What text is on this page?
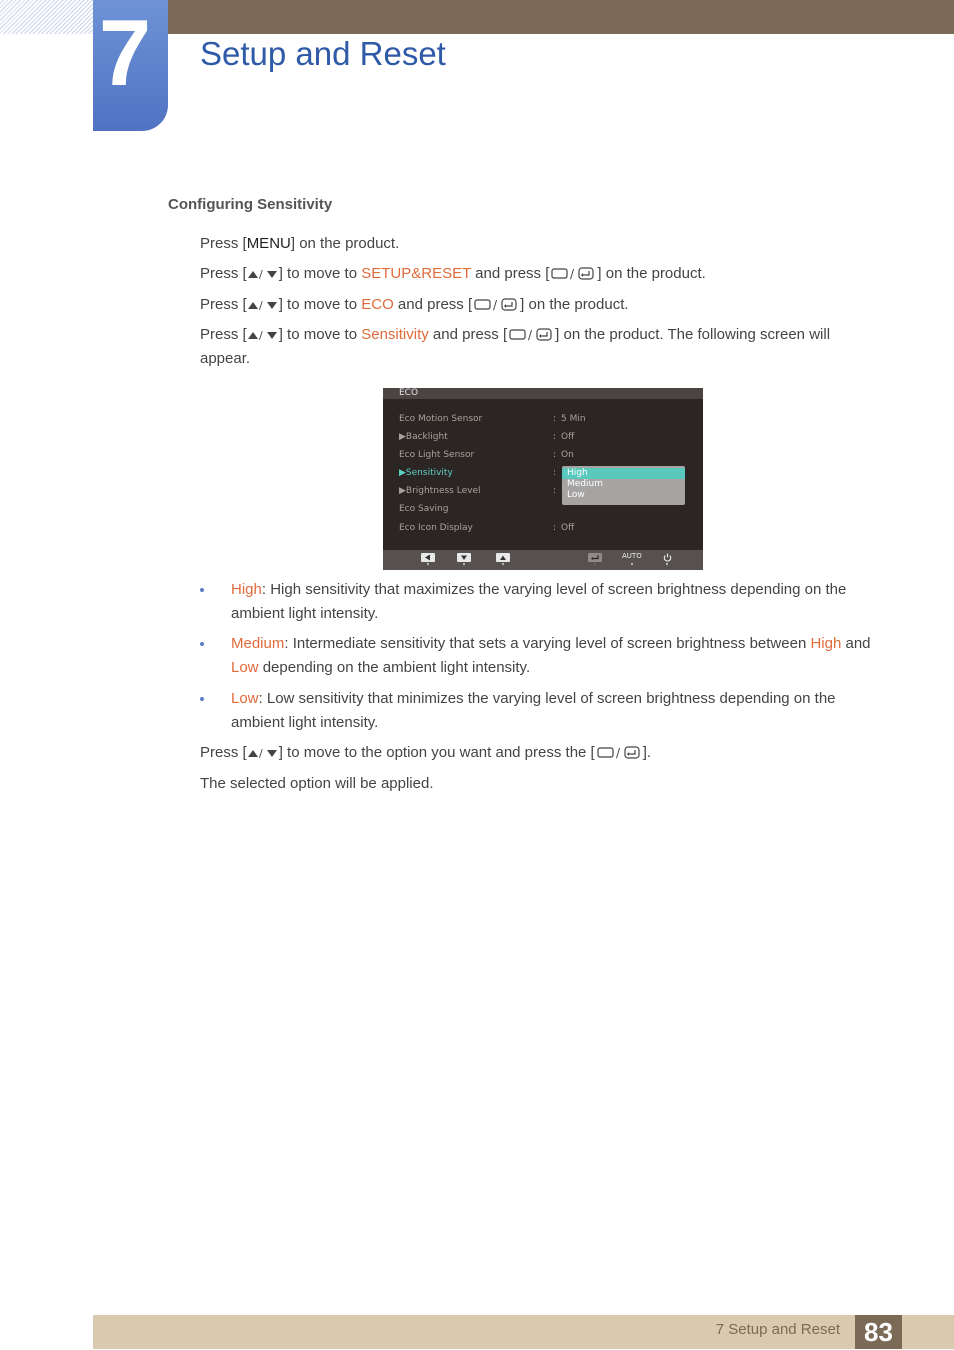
7 Setup and Reset
Configuring Sensitivity
Press [MENU] on the product.
Press [ / ] to move to SETUP&RESET and press [ / ] on the product.
Press [ / ] to move to ECO and press [ / ] on the product.
Press [ / ] to move to Sensitivity and press [ / ] on the product. The following screen will appear.
ECO
Eco Motion Sensor	: 5 Min
▶Backlight	: Off
Eco Light Sensor	: On
▶Sensitivity	:
▶Brightness Level	:
Eco Saving
Eco Icon Display	: Off
High
Medium
Low
AUTO
High: High sensitivity that maximizes the varying level of screen brightness depending on the ambient light intensity.
Medium: Intermediate sensitivity that sets a varying level of screen brightness between High and Low depending on the ambient light intensity.
Low: Low sensitivity that minimizes the varying level of screen brightness depending on the ambient light intensity.
Press [ / ] to move to the option you want and press the [ / ].
The selected option will be applied.
7 Setup and Reset 83
